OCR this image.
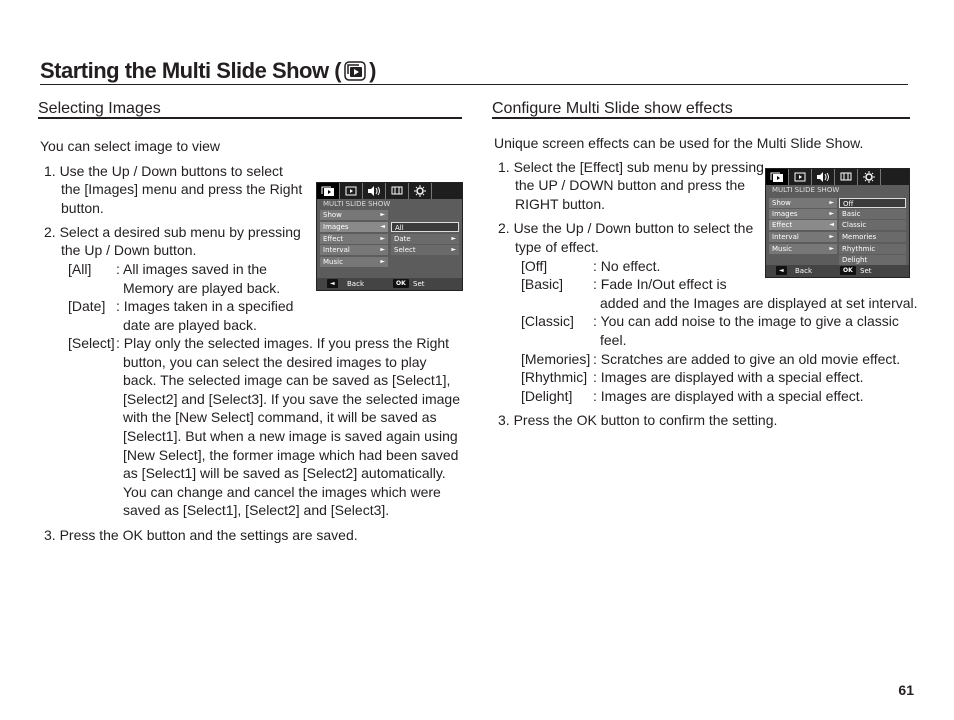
Starting the Multi Slide Show ( )
Selecting Images
You can select image to view
1. Use the Up / Down buttons to select
the [Images] menu and press the Right
button.
2. Select a desired sub menu by pressing
the Up / Down button.
[All] : All images saved in the
Memory are played back.
[Date] : Images taken in a specified
date are played back.
[Select] : Play only the selected images. If you press the Right
button, you can select the desired images to play
back. The selected image can be saved as [Select1],
[Select2] and [Select3]. If you save the selected image
with the [New Select] command, it will be saved as
[Select1]. But when a new image is saved again using
[New Select], the former image which had been saved
as [Select1] will be saved as [Select2] automatically.
You can change and cancel the images which were
saved as [Select1], [Select2] and [Select3].
3. Press the OK button and the settings are saved.
MULTI SLIDE SHOW
Show	►
Images	◄
Effect	►
Interval	►
Music	►
All
Date	►
Select	►
◄	Back	OK	Set
Configure Multi Slide show effects
Unique screen effects can be used for the Multi Slide Show.
1. Select the [Effect] sub menu by pressing
the UP / DOWN button and press the
RIGHT button.
2. Use the Up / Down button to select the
type of effect.
[Off]	: No effect.
[Basic] : Fade In/Out effect is
added and the Images are displayed at set interval.
[Classic] : You can add noise to the image to give a classic
feel.
[Memories] : Scratches are added to give an old movie effect.
[Rhythmic] : Images are displayed with a special effect.
[Delight] : Images are displayed with a special effect.
3. Press the OK button to confirm the setting.
MULTI SLIDE SHOW
Show	►
Images	►
Effect	◄
Interval	►
Music	►
Off
Basic
Classic
Memories
Rhythmic
Delight
◄	Back	OK	Set
61
